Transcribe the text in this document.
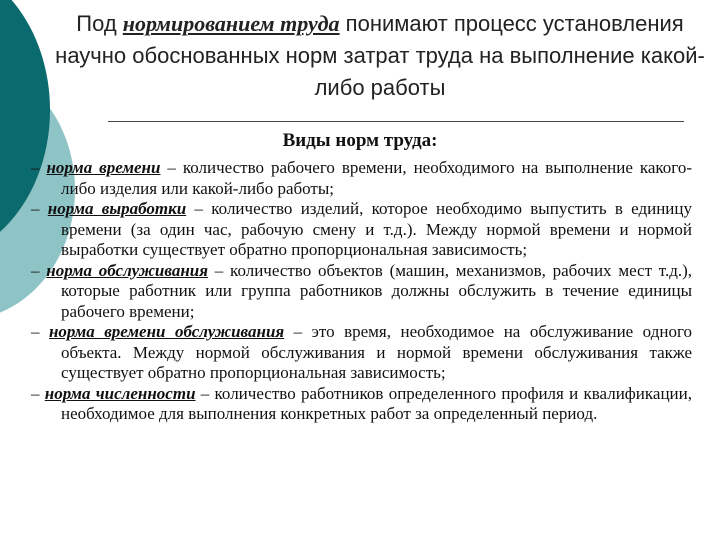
Под нормированием труда понимают процесс установления научно обоснованных норм затрат труда на выполнение какой-либо работы
Виды норм труда:

– норма времени – количество рабочего времени, необходимого на выполнение какого-либо изделия или какой-либо работы;

– норма выработки – количество изделий, которое необходимо выпустить в единицу времени (за один час, рабочую смену и т.д.). Между нормой времени и нормой выработки существует обратно пропорциональная зависимость;

– норма обслуживания – количество объектов (машин, механизмов, рабочих мест т.д.), которые работник или группа работников должны обслужить в течение единицы рабочего времени;

– норма времени обслуживания – это время, необходимое на обслуживание одного объекта. Между нормой обслуживания и нормой времени обслуживания также существует обратно пропорциональная зависимость;

– норма численности – количество работников определенного профиля и квалификации, необходимое для выполнения конкретных работ за определенный период.
